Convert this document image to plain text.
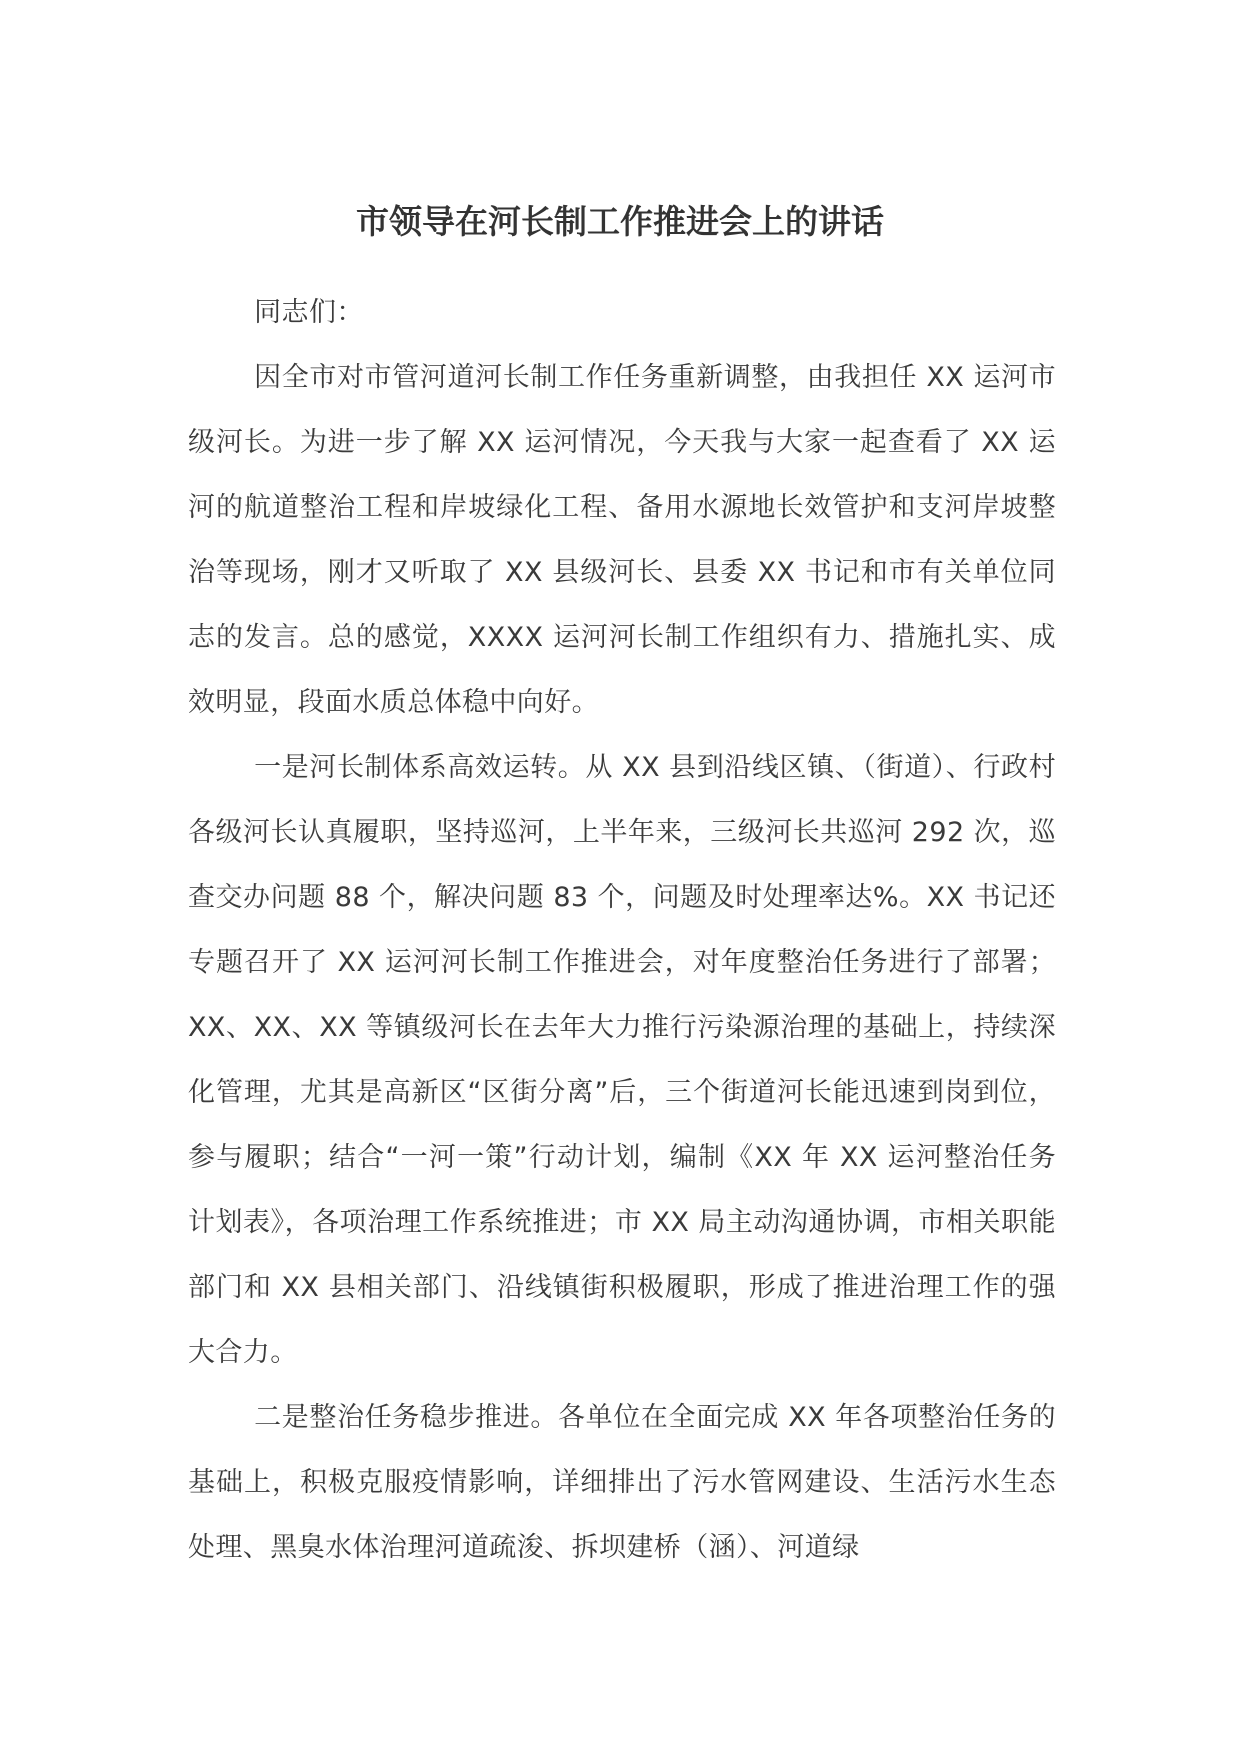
市领导在河长制工作推进会上的讲话

同志们：

因全市对市管河道河长制工作任务重新调整，由我担任 XX 运河市级河长。为进一步了解 XX 运河情况，今天我与大家一起查看了 XX 运河的航道整治工程和岸坡绿化工程、备用水源地长效管护和支河岸坡整治等现场，刚才又听取了 XX 县级河长、县委 XX 书记和市有关单位同志的发言。总的感觉，XXXX 运河河长制工作组织有力、措施扎实、成效明显，段面水质总体稳中向好。

一是河长制体系高效运转。从 XX 县到沿线区镇、（街道）、行政村各级河长认真履职，坚持巡河，上半年来，三级河长共巡河 292 次，巡查交办问题 88 个，解决问题 83 个，问题及时处理率达%。XX 书记还专题召开了 XX 运河河长制工作推进会，对年度整治任务进行了部署；XX、XX、XX 等镇级河长在去年大力推行污染源治理的基础上，持续深化管理，尤其是高新区“区街分离”后，三个街道河长能迅速到岗到位，参与履职；结合“一河一策”行动计划，编制《XX 年 XX 运河整治任务计划表》，各项治理工作系统推进；市 XX 局主动沟通协调，市相关职能部门和 XX 县相关部门、沿线镇街积极履职，形成了推进治理工作的强大合力。

二是整治任务稳步推进。各单位在全面完成 XX 年各项整治任务的基础上，积极克服疫情影响，详细排出了污水管网建设、生活污水生态处理、黑臭水体治理河道疏浚、拆坝建桥（涵）、河道绿
